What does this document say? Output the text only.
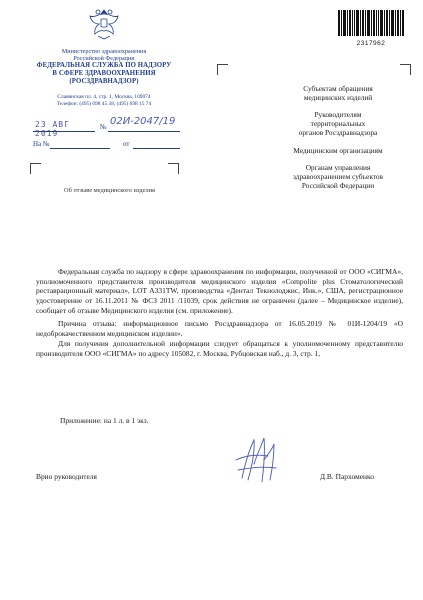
Министерство здравоохранения
Российской Федерации
ФЕДЕРАЛЬНАЯ СЛУЖБА ПО НАДЗОРУ
В СФЕРЕ ЗДРАВООХРАНЕНИЯ
(РОСЗДРАВНАДЗОР)
Славянская пл. 4, стр. 1, Москва, 109074
Телефон: (495) 698 45 38, (495) 698 15 74
23 АВГ 2019
№ 02И-2047/19
На №	от
Об отзыве медицинского изделия
2317962
Субъектам обращения
медицинских изделий
Руководителям
территориальных
органов Росздравнадзора
Медицинским организациям
Органам управления
здравоохранением субъектов
Российской Федерации

Федеральная служба по надзору в сфере здравоохранения по информации, полученной от ООО «СИГМА», уполномоченного представителя производителя медицинского изделия «Compolite plus Стоматологический реставрационный материал», LOT A331TW, производства «Дентал Текнолоджис, Инк.», США, регистрационное удостоверение от 16.11.2011 № ФСЗ 2011 /11039, срок действия не ограничен (далее – Медицинское изделие), сообщает об отзыве Медицинского изделия (см. приложение).

Причина отзыва: информационное письмо Росздравнадзора от 16.05.2019 № 01И-1204/19 «О недоброкачественном медицинском изделии».

Для получения дополнительной информации следует обращаться к уполномоченному представителю производителя ООО «СИГМА» по адресу 105082, г. Москва, Рубцовская наб., д. 3, стр. 1,

Приложение: на 1 л. в 1 экз.
Врио руководителя	Д.В. Пархоменко
